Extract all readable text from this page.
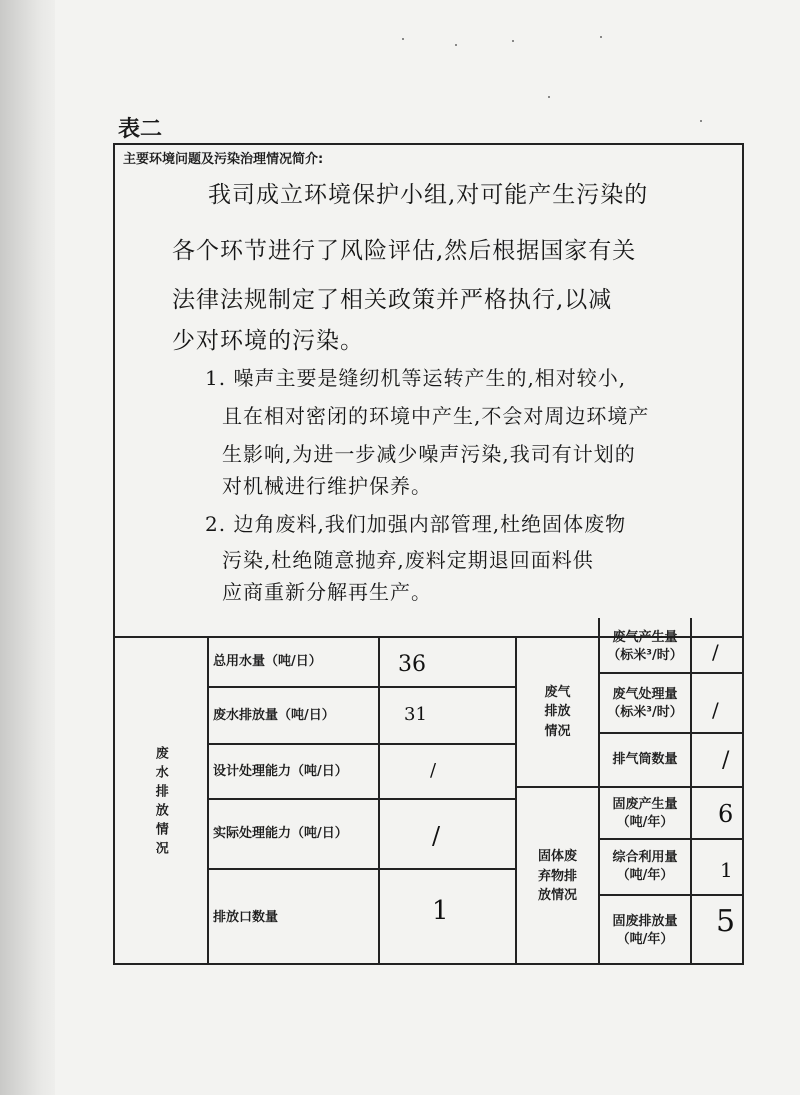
表二
主要环境问题及污染治理情况简介:
我司成立环境保护小组,对可能产生污染的
各个环节进行了风险评估,然后根据国家有关
法律法规制定了相关政策并严格执行,以减
少对环境的污染。
1. 噪声主要是缝纫机等运转产生的,相对较小,
且在相对密闭的环境中产生,不会对周边环境产
生影响,为进一步减少噪声污染,我司有计划的
对机械进行维护保养。
2. 边角废料,我们加强内部管理,杜绝固体废物
污染,杜绝随意抛弃,废料定期退回面料供
应商重新分解再生产。
废水排放情况
总用水量（吨/日）	36
废水排放量（吨/日）	31
设计处理能力（吨/日）	/
实际处理能力（吨/日）	/
排放口数量	1
废气排放情况
废气产生量（标米³/时） /
废气处理量（标米³/时） /
排气筒数量	/
固体废弃物排放情况
固废产生量（吨/年）	6
综合利用量（吨/年）	1
固废排放量（吨/年）	5
